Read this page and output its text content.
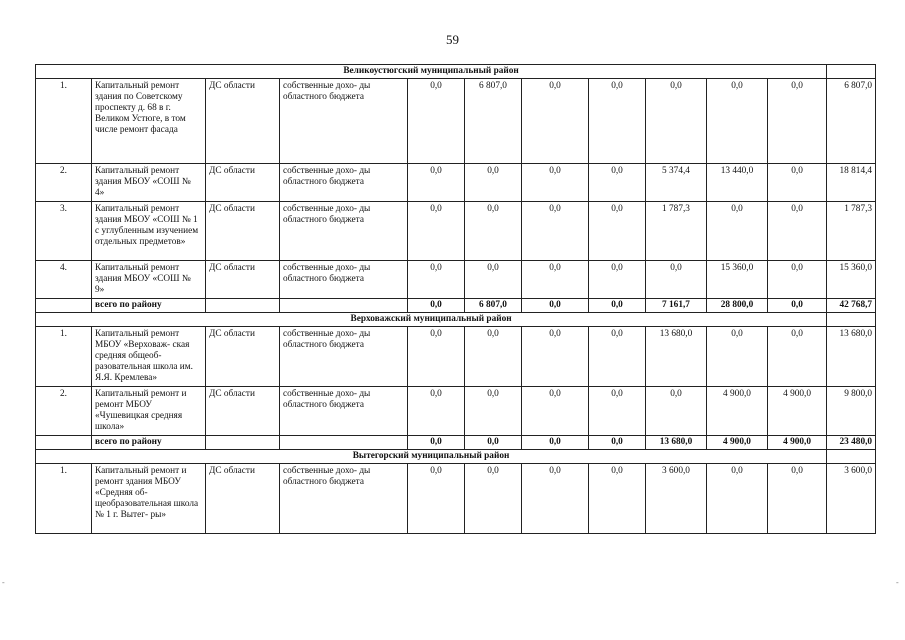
59
Великоустюгский муниципальный район											
1.	Капитальный ремонт здания по Советскому проспекту д. 68 в г. Великом Устюге, в том числе ремонт фасада	ДС области	собственные дохо- ды областного бюджета	0,0	6 807,0	0,0	0,0	0,0	0,0	0,0	6 807,0
2.	Капитальный ремонт здания МБОУ «СОШ № 4»	ДС области	собственные дохо- ды областного бюджета	0,0	0,0	0,0	0,0	5 374,4	13 440,0	0,0	18 814,4
3.	Капитальный ремонт здания МБОУ «СОШ № 1 с углубленным изучением отдельных предметов»	ДС области	собственные дохо- ды областного бюджета	0,0	0,0	0,0	0,0	1 787,3	0,0	0,0	1 787,3
4.	Капитальный ремонт здания МБОУ «СОШ № 9»	ДС области	собственные дохо- ды областного бюджета	0,0	0,0	0,0	0,0	0,0	15 360,0	0,0	15 360,0
	всего по району			0,0	6 807,0	0,0	0,0	7 161,7	28 800,0	0,0	42 768,7
Верховажский муниципальный район											
1.	Капитальный ремонт МБОУ «Верховаж- ская средняя общеоб- разовательная школа им. Я.Я. Кремлева»	ДС области	собственные дохо- ды областного бюджета	0,0	0,0	0,0	0,0	13 680,0	0,0	0,0	13 680,0
2.	Капитальный ремонт и ремонт МБОУ «Чушевицкая средняя школа»	ДС области	собственные дохо- ды областного бюджета	0,0	0,0	0,0	0,0	0,0	4 900,0	4 900,0	9 800,0
	всего по району			0,0	0,0	0,0	0,0	13 680,0	4 900,0	4 900,0	23 480,0
Вытегорский муниципальный район											
1.	Капитальный ремонт и ремонт здания МБОУ «Средняя об- щеобразовательная школа № 1 г. Вытег- ры»	ДС области	собственные дохо- ды областного бюджета	0,0	0,0	0,0	0,0	3 600,0	0,0	0,0	3 600,0
-	-
